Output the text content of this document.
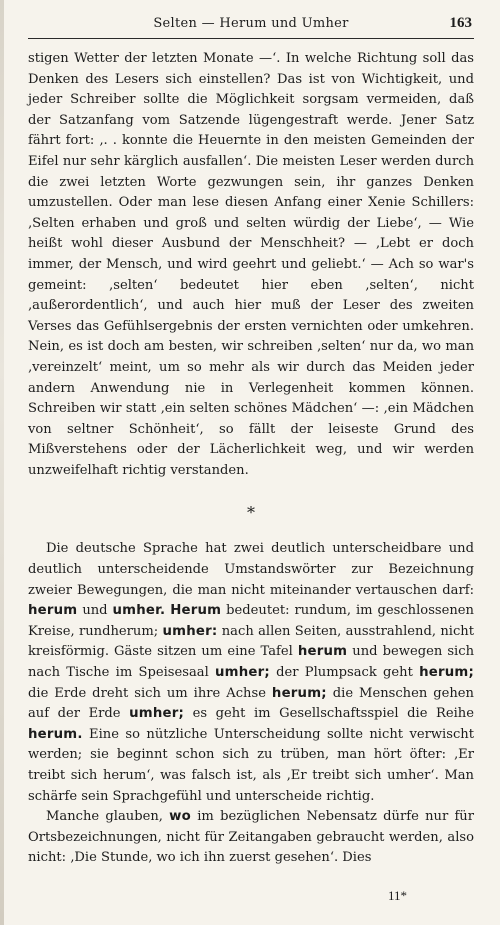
Selten — Herum und Umher	163

stigen Wetter der letzten Monate —‘. In welche Richtung soll das Denken des Lesers sich einstellen? Das ist von Wichtigkeit, und jeder Schreiber sollte die Möglichkeit sorgsam vermeiden, daß der Satzanfang vom Satzende lügengestraft werde. Jener Satz fährt fort: ‚. . konnte die Heuernte in den meisten Gemeinden der Eifel nur sehr kärglich ausfallen‘. Die meisten Leser werden durch die zwei letzten Worte gezwungen sein, ihr ganzes Denken umzustellen. Oder man lese diesen Anfang einer Xenie Schillers: ‚Selten erhaben und groß und selten würdig der Liebe‘, — Wie heißt wohl dieser Ausbund der Menschheit? — ‚Lebt er doch immer, der Mensch, und wird geehrt und geliebt.‘ — Ach so war's gemeint: ‚selten‘ bedeutet hier eben ‚selten‘, nicht ‚außerordentlich‘, und auch hier muß der Leser des zweiten Verses das Gefühlsergebnis der ersten vernichten oder umkehren. Nein, es ist doch am besten, wir schreiben ‚selten‘ nur da, wo man ‚vereinzelt‘ meint, um so mehr als wir durch das Meiden jeder andern Anwendung nie in Verlegenheit kommen können. Schreiben wir statt ‚ein selten schönes Mädchen‘ —: ‚ein Mädchen von seltner Schönheit‘, so fällt der leiseste Grund des Mißverstehens oder der Lächerlichkeit weg, und wir werden unzweifelhaft richtig verstanden.

*

Die deutsche Sprache hat zwei deutlich unterscheidbare und deutlich unterscheidende Umstandswörter zur Bezeichnung zweier Bewegungen, die man nicht miteinander vertauschen darf: herum und umher. Herum bedeutet: rundum, im geschlossenen Kreise, rundherum; umher: nach allen Seiten, ausstrahlend, nicht kreisförmig. Gäste sitzen um eine Tafel herum und bewegen sich nach Tische im Speisesaal umher; der Plumpsack geht herum; die Erde dreht sich um ihre Achse herum; die Menschen gehen auf der Erde umher; es geht im Gesellschaftsspiel die Reihe herum. Eine so nützliche Unterscheidung sollte nicht verwischt werden; sie beginnt schon sich zu trüben, man hört öfter: ‚Er treibt sich herum‘, was falsch ist, als ‚Er treibt sich umher‘. Man schärfe sein Sprachgefühl und unterscheide richtig.

Manche glauben, wo im bezüglichen Nebensatz dürfe nur für Ortsbezeichnungen, nicht für Zeitangaben gebraucht werden, also nicht: ‚Die Stunde, wo ich ihn zuerst gesehen‘. Dies

11*
